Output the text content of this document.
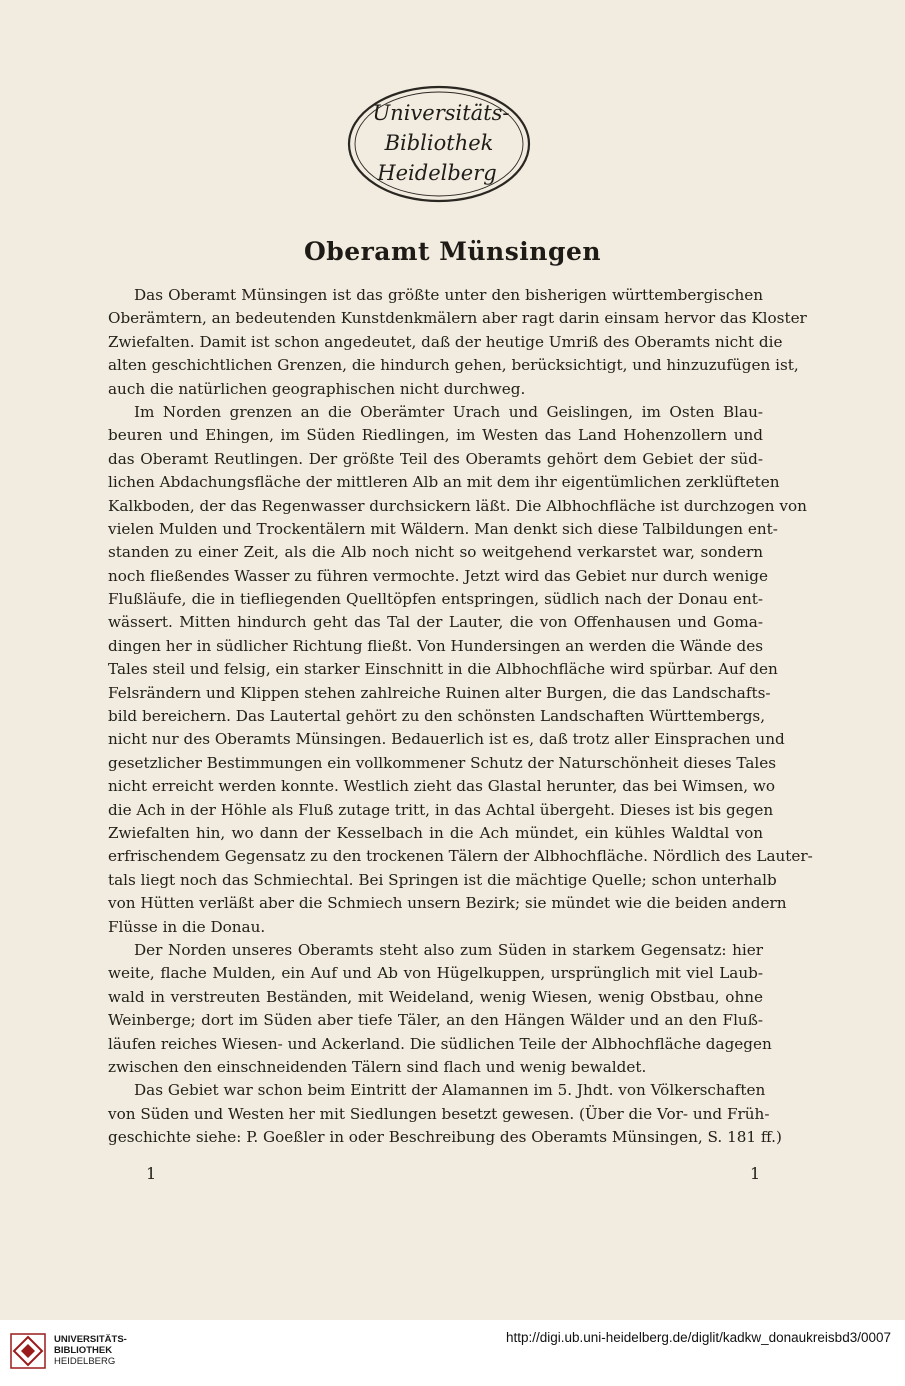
Universitäts-
Bibliothek
Heidelberg
Oberamt Münsingen
Das Oberamt Münsingen ist das größte unter den bisherigen württembergischen
Oberämtern, an bedeutenden Kunstdenkmälern aber ragt darin einsam hervor das Kloster
Zwiefalten. Damit ist schon angedeutet, daß der heutige Umriß des Oberamts nicht die
alten geschichtlichen Grenzen, die hindurch gehen, berücksichtigt, und hinzuzufügen ist,
auch die natürlichen geographischen nicht durchweg.
Im Norden grenzen an die Oberämter Urach und Geislingen, im Osten Blau-
beuren und Ehingen, im Süden Riedlingen, im Westen das Land Hohenzollern und
das Oberamt Reutlingen. Der größte Teil des Oberamts gehört dem Gebiet der süd-
lichen Abdachungsfläche der mittleren Alb an mit dem ihr eigentümlichen zerklüfteten
Kalkboden, der das Regenwasser durchsickern läßt. Die Albhochfläche ist durchzogen von
vielen Mulden und Trockentälern mit Wäldern. Man denkt sich diese Talbildungen ent-
standen zu einer Zeit, als die Alb noch nicht so weitgehend verkarstet war, sondern
noch fließendes Wasser zu führen vermochte. Jetzt wird das Gebiet nur durch wenige
Flußläufe, die in tiefliegenden Quelltöpfen entspringen, südlich nach der Donau ent-
wässert. Mitten hindurch geht das Tal der Lauter, die von Offenhausen und Goma-
dingen her in südlicher Richtung fließt. Von Hundersingen an werden die Wände des
Tales steil und felsig, ein starker Einschnitt in die Albhochfläche wird spürbar. Auf den
Felsrändern und Klippen stehen zahlreiche Ruinen alter Burgen, die das Landschafts-
bild bereichern. Das Lautertal gehört zu den schönsten Landschaften Württembergs,
nicht nur des Oberamts Münsingen. Bedauerlich ist es, daß trotz aller Einsprachen und
gesetzlicher Bestimmungen ein vollkommener Schutz der Naturschönheit dieses Tales
nicht erreicht werden konnte. Westlich zieht das Glastal herunter, das bei Wimsen, wo
die Ach in der Höhle als Fluß zutage tritt, in das Achtal übergeht. Dieses ist bis gegen
Zwiefalten hin, wo dann der Kesselbach in die Ach mündet, ein kühles Waldtal von
erfrischendem Gegensatz zu den trockenen Tälern der Albhochfläche. Nördlich des Lauter-
tals liegt noch das Schmiechtal. Bei Springen ist die mächtige Quelle; schon unterhalb
von Hütten verläßt aber die Schmiech unsern Bezirk; sie mündet wie die beiden andern
Flüsse in die Donau.
Der Norden unseres Oberamts steht also zum Süden in starkem Gegensatz: hier
weite, flache Mulden, ein Auf und Ab von Hügelkuppen, ursprünglich mit viel Laub-
wald in verstreuten Beständen, mit Weideland, wenig Wiesen, wenig Obstbau, ohne
Weinberge; dort im Süden aber tiefe Täler, an den Hängen Wälder und an den Fluß-
läufen reiches Wiesen- und Ackerland. Die südlichen Teile der Albhochfläche dagegen
zwischen den einschneidenden Tälern sind flach und wenig bewaldet.
Das Gebiet war schon beim Eintritt der Alamannen im 5. Jhdt. von Völkerschaften
von Süden und Westen her mit Siedlungen besetzt gewesen. (Über die Vor- und Früh-
geschichte siehe: P. Goeßler in oder Beschreibung des Oberamts Münsingen, S. 181 ff.)
1	1
UNIVERSITÄTS-
BIBLIOTHEK
HEIDELBERG
http://digi.ub.uni-heidelberg.de/diglit/kadkw_donaukreisbd3/0007
